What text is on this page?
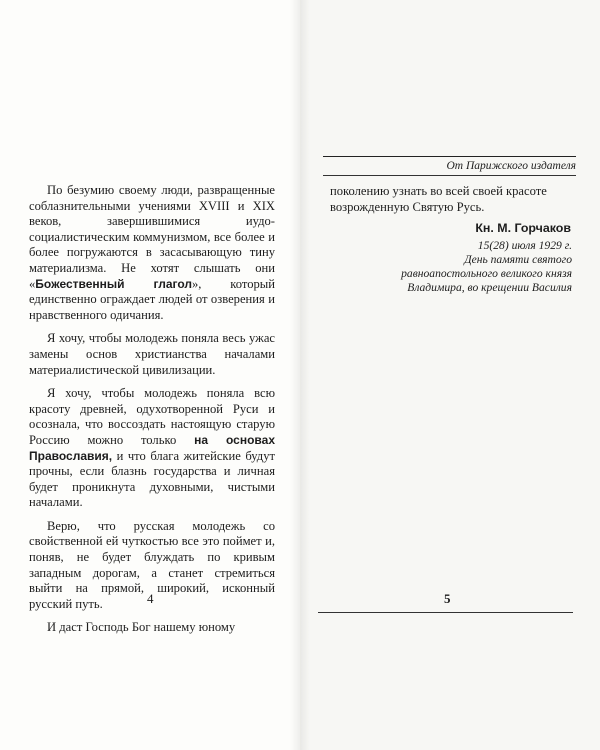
По безумию своему люди, развращенные соблазнительными учениями XVIII и XIX веков, завершившимися иудо-социалистическим коммунизмом, все более и более погружаются в засасывающую тину материализма. Не хотят слышать они «Божественный глагол», который единственно ограждает людей от озверения и нравственного одичания.

Я хочу, чтобы молодежь поняла весь ужас замены основ христианства началами материалистической цивилизации.

Я хочу, чтобы молодежь поняла всю красоту древней, одухотворенной Руси и осознала, что воссоздать настоящую старую Россию можно только на основах Православия, и что блага житейские будут прочны, если блазнь государства и личная будет проникнута духовными, чистыми началами.

Верю, что русская молодежь со свойственной ей чуткостью все это поймет и, поняв, не будет блуждать по кривым западным дорогам, а станет стремиться выйти на прямой, широкий, исконный русский путь.

И даст Господь Бог нашему юному

4
От Парижского издателя

поколению узнать во всей своей красоте возрожденную Святую Русь.

Кн. М. Горчаков
15(28) июля 1929 г.
День памяти святого
равноапостольного великого князя
Владимира, во крещении Василия
5
